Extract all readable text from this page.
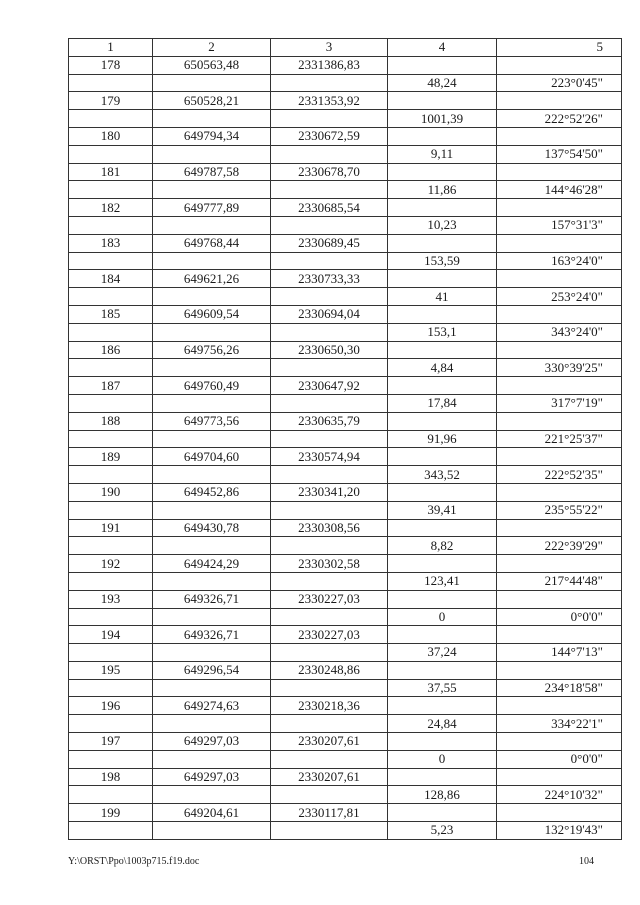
1	2	3	4	5
178	650563,48	2331386,83		
			48,24	223°0'45"
179	650528,21	2331353,92		
			1001,39	222°52'26"
180	649794,34	2330672,59		
			9,11	137°54'50"
181	649787,58	2330678,70		
			11,86	144°46'28"
182	649777,89	2330685,54		
			10,23	157°31'3"
183	649768,44	2330689,45		
			153,59	163°24'0"
184	649621,26	2330733,33		
			41	253°24'0"
185	649609,54	2330694,04		
			153,1	343°24'0"
186	649756,26	2330650,30		
			4,84	330°39'25"
187	649760,49	2330647,92		
			17,84	317°7'19"
188	649773,56	2330635,79		
			91,96	221°25'37"
189	649704,60	2330574,94		
			343,52	222°52'35"
190	649452,86	2330341,20		
			39,41	235°55'22"
191	649430,78	2330308,56		
			8,82	222°39'29"
192	649424,29	2330302,58		
			123,41	217°44'48"
193	649326,71	2330227,03		
			0	0°0'0"
194	649326,71	2330227,03		
			37,24	144°7'13"
195	649296,54	2330248,86		
			37,55	234°18'58"
196	649274,63	2330218,36		
			24,84	334°22'1"
197	649297,03	2330207,61		
			0	0°0'0"
198	649297,03	2330207,61		
			128,86	224°10'32"
199	649204,61	2330117,81		
			5,23	132°19'43"
Y:\ORST\Ppo\1003p715.f19.doc	104
